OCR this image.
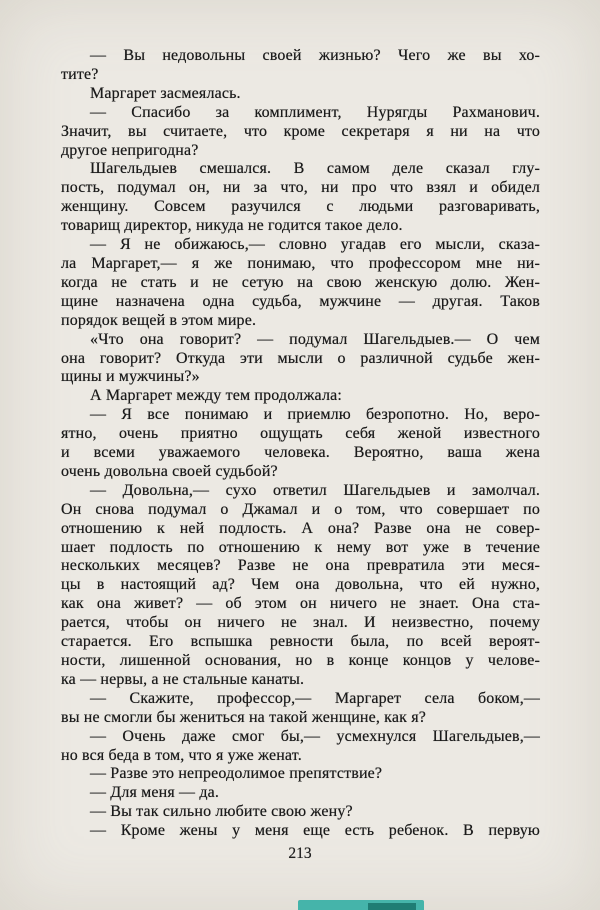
— Вы недовольны своей жизнью? Чего же вы хо-
тите?
Маргарет засмеялась.
— Спасибо за комплимент, Нурягды Рахманович.
Значит, вы считаете, что кроме секретаря я ни на что
другое непригодна?
Шагельдыев смешался. В самом деле сказал глу-
пость, подумал он, ни за что, ни про что взял и обидел
женщину. Совсем разучился с людьми разговаривать,
товарищ директор, никуда не годится такое дело.
— Я не обижаюсь,— словно угадав его мысли, сказа-
ла Маргарет,— я же понимаю, что профессором мне ни-
когда не стать и не сетую на свою женскую долю. Жен-
щине назначена одна судьба, мужчине — другая. Таков
порядок вещей в этом мире.
«Что она говорит? — подумал Шагельдыев.— О чем
она говорит? Откуда эти мысли о различной судьбе жен-
щины и мужчины?»
А Маргарет между тем продолжала:
— Я все понимаю и приемлю безропотно. Но, веро-
ятно, очень приятно ощущать себя женой известного
и всеми уважаемого человека. Вероятно, ваша жена
очень довольна своей судьбой?
— Довольна,— сухо ответил Шагельдыев и замолчал.
Он снова подумал о Джамал и о том, что совершает по
отношению к ней подлость. А она? Разве она не совер-
шает подлость по отношению к нему вот уже в течение
нескольких месяцев? Разве не она превратила эти меся-
цы в настоящий ад? Чем она довольна, что ей нужно,
как она живет? — об этом он ничего не знает. Она ста-
рается, чтобы он ничего не знал. И неизвестно, почему
старается. Его вспышка ревности была, по всей вероят-
ности, лишенной основания, но в конце концов у челове-
ка — нервы, а не стальные канаты.
— Скажите, профессор,— Маргарет села боком,—
вы не смогли бы жениться на такой женщине, как я?
— Очень даже смог бы,— усмехнулся Шагельдыев,—
но вся беда в том, что я уже женат.
— Разве это непреодолимое препятствие?
— Для меня — да.
— Вы так сильно любите свою жену?
— Кроме жены у меня еще есть ребенок. В первую
213
